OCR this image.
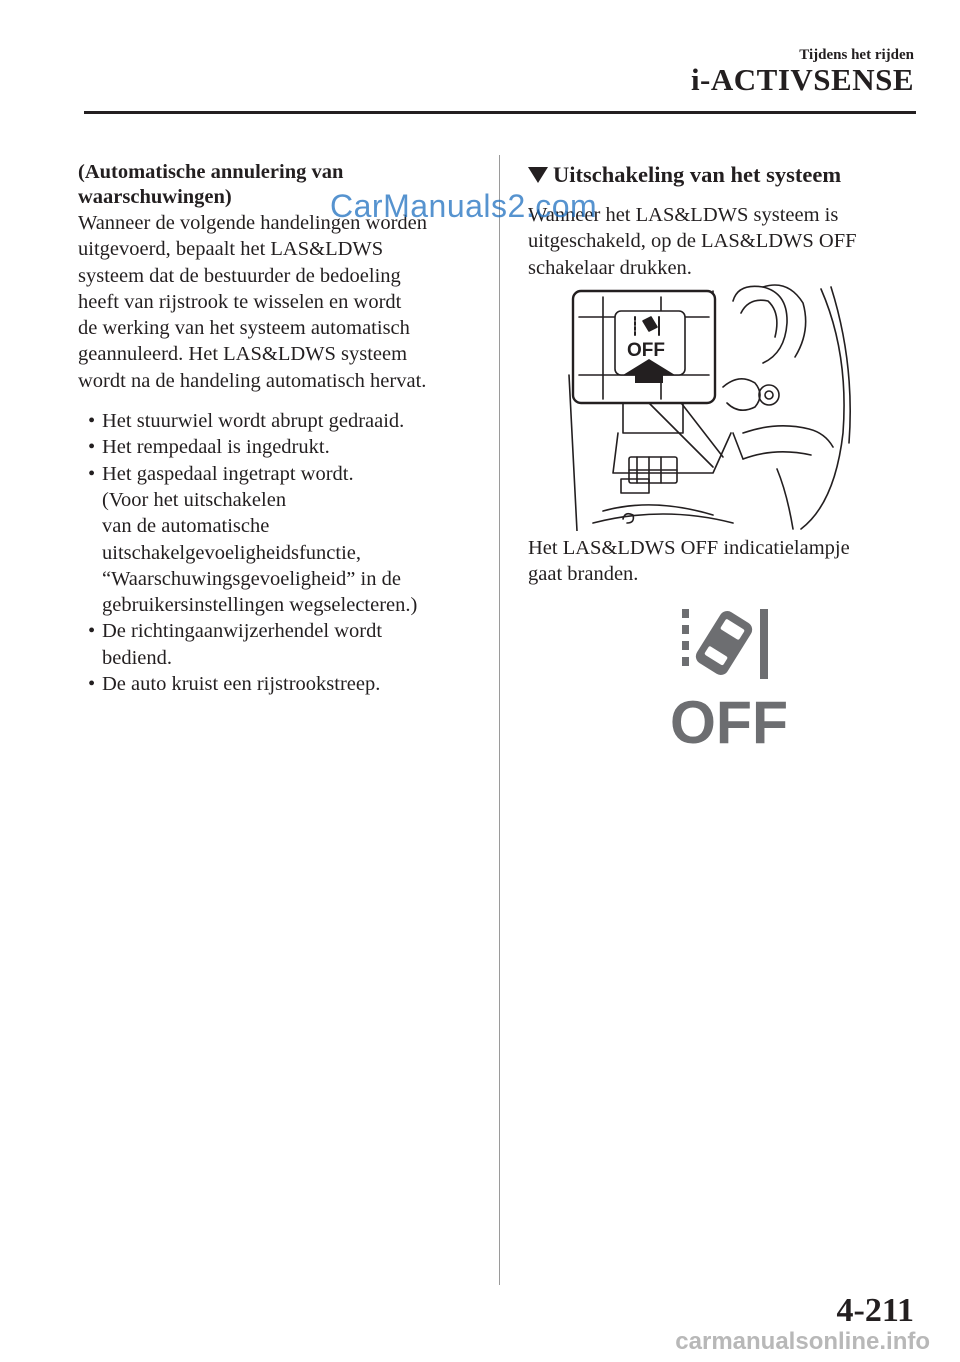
Tijdens het rijden
i-ACTIVSENSE
(Automatische annulering van
waarschuwingen)
Wanneer de volgende handelingen worden
uitgevoerd, bepaalt het LAS&LDWS
systeem dat de bestuurder de bedoeling
heeft van rijstrook te wisselen en wordt
de werking van het systeem automatisch
geannuleerd. Het LAS&LDWS systeem
wordt na de handeling automatisch hervat.
• Het stuurwiel wordt abrupt gedraaid.
• Het rempedaal is ingedrukt.
• Het gaspedaal ingetrapt wordt.
(Voor het uitschakelen
van de automatische
uitschakelgevoeligheidsfunctie,
“Waarschuwingsgevoeligheid” in de
gebruikersinstellingen wegselecteren.)
• De richtingaanwijzerhendel wordt
bediend.
• De auto kruist een rijstrookstreep.
Uitschakeling van het systeem
Wanneer het LAS&LDWS systeem is
uitgeschakeld, op de LAS&LDWS OFF
schakelaar drukken.
OFF
Het LAS&LDWS OFF indicatielampje
gaat branden.
OFF
CarManuals2.com
4-211
carmanualsonline.info
